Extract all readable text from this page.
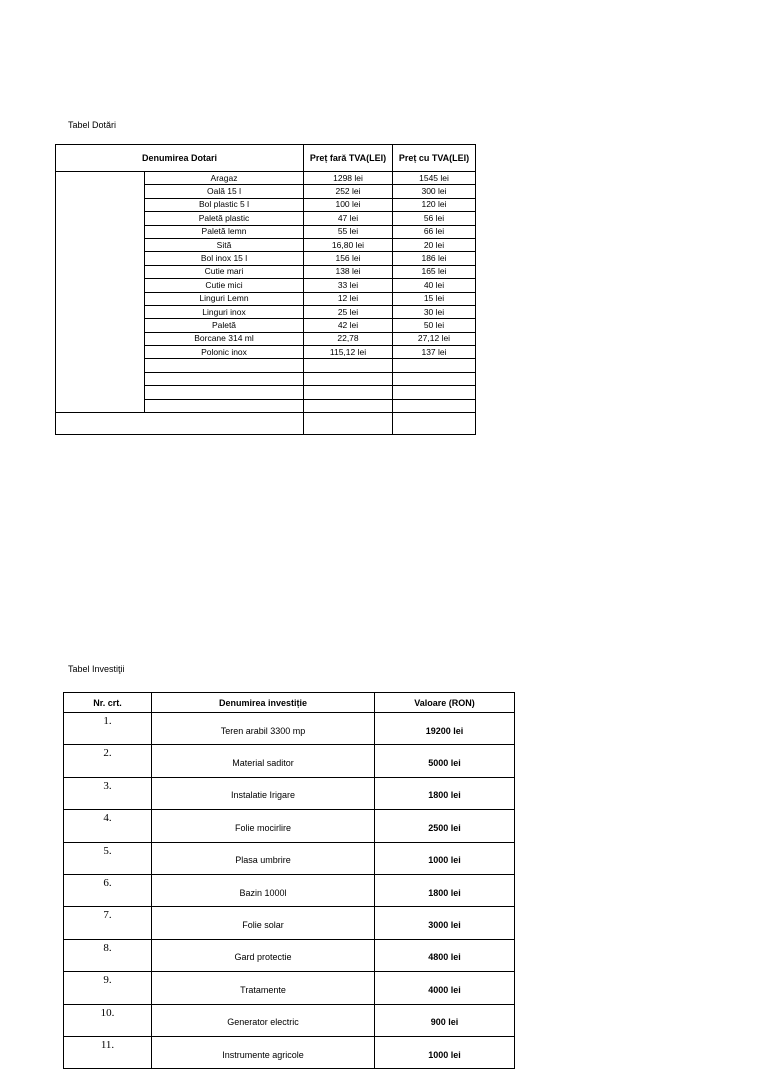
Tabel Dotări
Denumirea Dotari		Preț fară TVA(LEI)	Preț cu TVA(LEI)
	Aragaz	1298 lei	1545 lei
	Oală 15 l	252 lei	300 lei
	Bol plastic 5 l	100 lei	120 lei
	Paletă plastic	47 lei	56 lei
	Paletă lemn	55 lei	66 lei
	Sită	16,80 lei	20 lei
	Bol inox 15 l	156 lei	186 lei
	Cutie mari	138 lei	165 lei
	Cutie mici	33 lei	40 lei
	Linguri Lemn	12 lei	15 lei
	Linguri inox	25 lei	30 lei
	Paletă	42 lei	50 lei
	Borcane 314 ml	22,78	27,12 lei
	Polonic inox	115,12 lei	137 lei

Tabel Investiţii
Nr. crt.	Denumirea investiție	Valoare (RON)
1.	Teren arabil 3300 mp	19200 lei
2.	Material saditor	5000 lei
3.	Instalatie Irigare	1800 lei
4.	Folie mocirlire	2500 lei
5.	Plasa umbrire	1000 lei
6.	Bazin 1000l	1800 lei
7.	Folie solar	3000 lei
8.	Gard protectie	4800 lei
9.	Tratamente	4000 lei
10.	Generator electric	900 lei
11.	Instrumente agricole	1000 lei
